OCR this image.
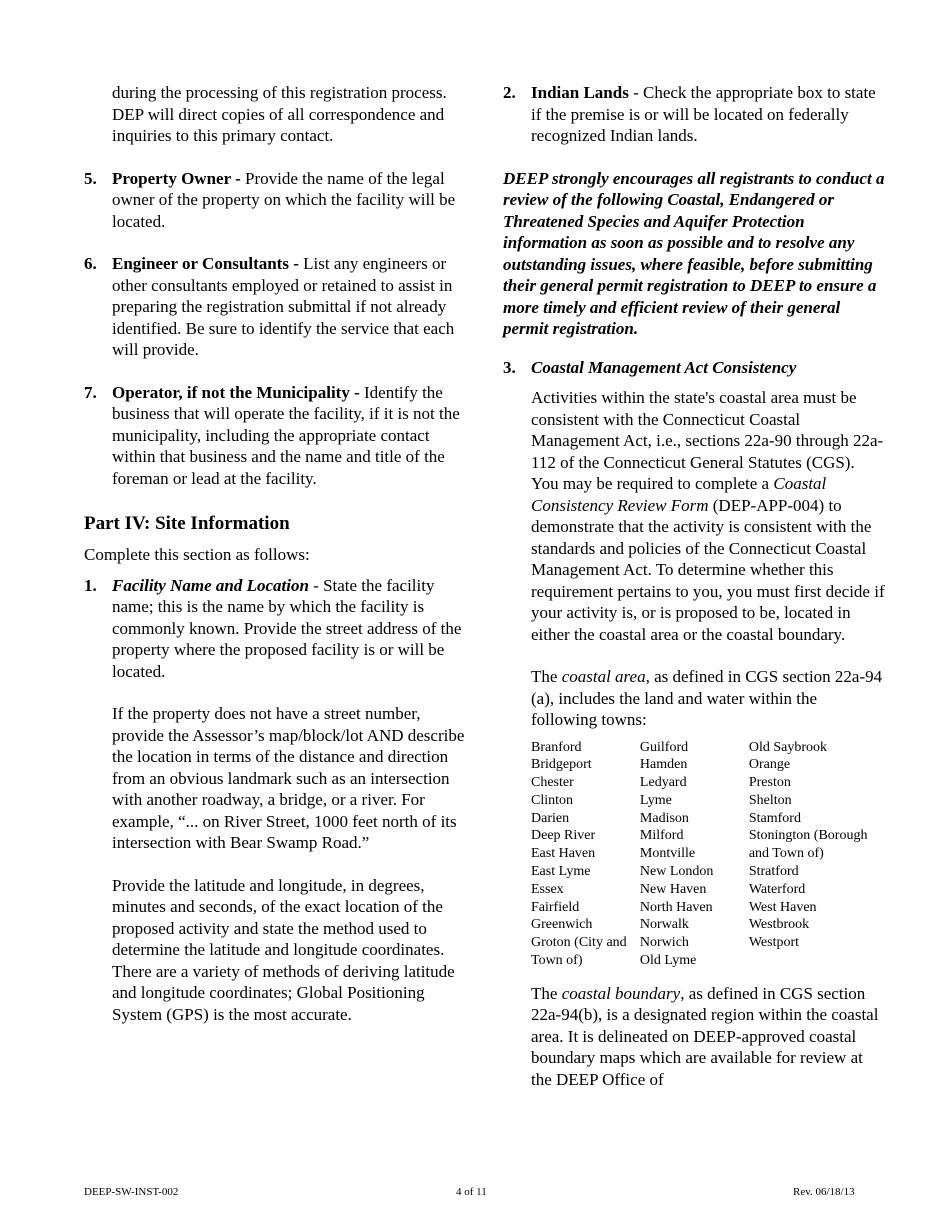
during the processing of this registration process. DEP will direct copies of all correspondence and inquiries to this primary contact.

5. Property Owner - Provide the name of the legal owner of the property on which the facility will be located.
6. Engineer or Consultants - List any engineers or other consultants employed or retained to assist in preparing the registration submittal if not already identified. Be sure to identify the service that each will provide.
7. Operator, if not the Municipality - Identify the business that will operate the facility, if it is not the municipality, including the appropriate contact within that business and the name and title of the foreman or lead at the facility.

Part IV: Site Information

Complete this section as follows:

1. Facility Name and Location - State the facility name; this is the name by which the facility is commonly known. Provide the street address of the property where the proposed facility is or will be located.

If the property does not have a street number, provide the Assessor’s map/block/lot AND describe the location in terms of the distance and direction from an obvious landmark such as an intersection with another roadway, a bridge, or a river. For example, “... on River Street, 1000 feet north of its intersection with Bear Swamp Road.”

Provide the latitude and longitude, in degrees, minutes and seconds, of the exact location of the proposed activity and state the method used to determine the latitude and longitude coordinates. There are a variety of methods of deriving latitude and longitude coordinates; Global Positioning System (GPS) is the most accurate.

2. Indian Lands - Check the appropriate box to state if the premise is or will be located on federally recognized Indian lands.

DEEP strongly encourages all registrants to conduct a review of the following Coastal, Endangered or Threatened Species and Aquifer Protection information as soon as possible and to resolve any outstanding issues, where feasible, before submitting their general permit registration to DEEP to ensure a more timely and efficient review of their general permit registration.

3. Coastal Management Act Consistency

Activities within the state's coastal area must be consistent with the Connecticut Coastal Management Act, i.e., sections 22a-90 through 22a-112 of the Connecticut General Statutes (CGS). You may be required to complete a Coastal Consistency Review Form (DEP-APP-004) to demonstrate that the activity is consistent with the standards and policies of the Connecticut Coastal Management Act. To determine whether this requirement pertains to you, you must first decide if your activity is, or is proposed to be, located in either the coastal area or the coastal boundary.

The coastal area, as defined in CGS section 22a-94 (a), includes the land and water within the following towns:

Branford
Bridgeport
Chester
Clinton
Darien
Deep River
East Haven
East Lyme
Essex
Fairfield
Greenwich
Groton (City and
Town of)
Guilford
Hamden
Ledyard
Lyme
Madison
Milford
Montville
New London
New Haven
North Haven
Norwalk
Norwich
Old Lyme
Old Saybrook
Orange
Preston
Shelton
Stamford
Stonington (Borough
and Town of)
Stratford
Waterford
West Haven
Westbrook
Westport

The coastal boundary, as defined in CGS section 22a-94(b), is a designated region within the coastal area. It is delineated on DEEP-approved coastal boundary maps which are available for review at the DEEP Office of

DEEP-SW-INST-002	4 of 11	Rev. 06/18/13
